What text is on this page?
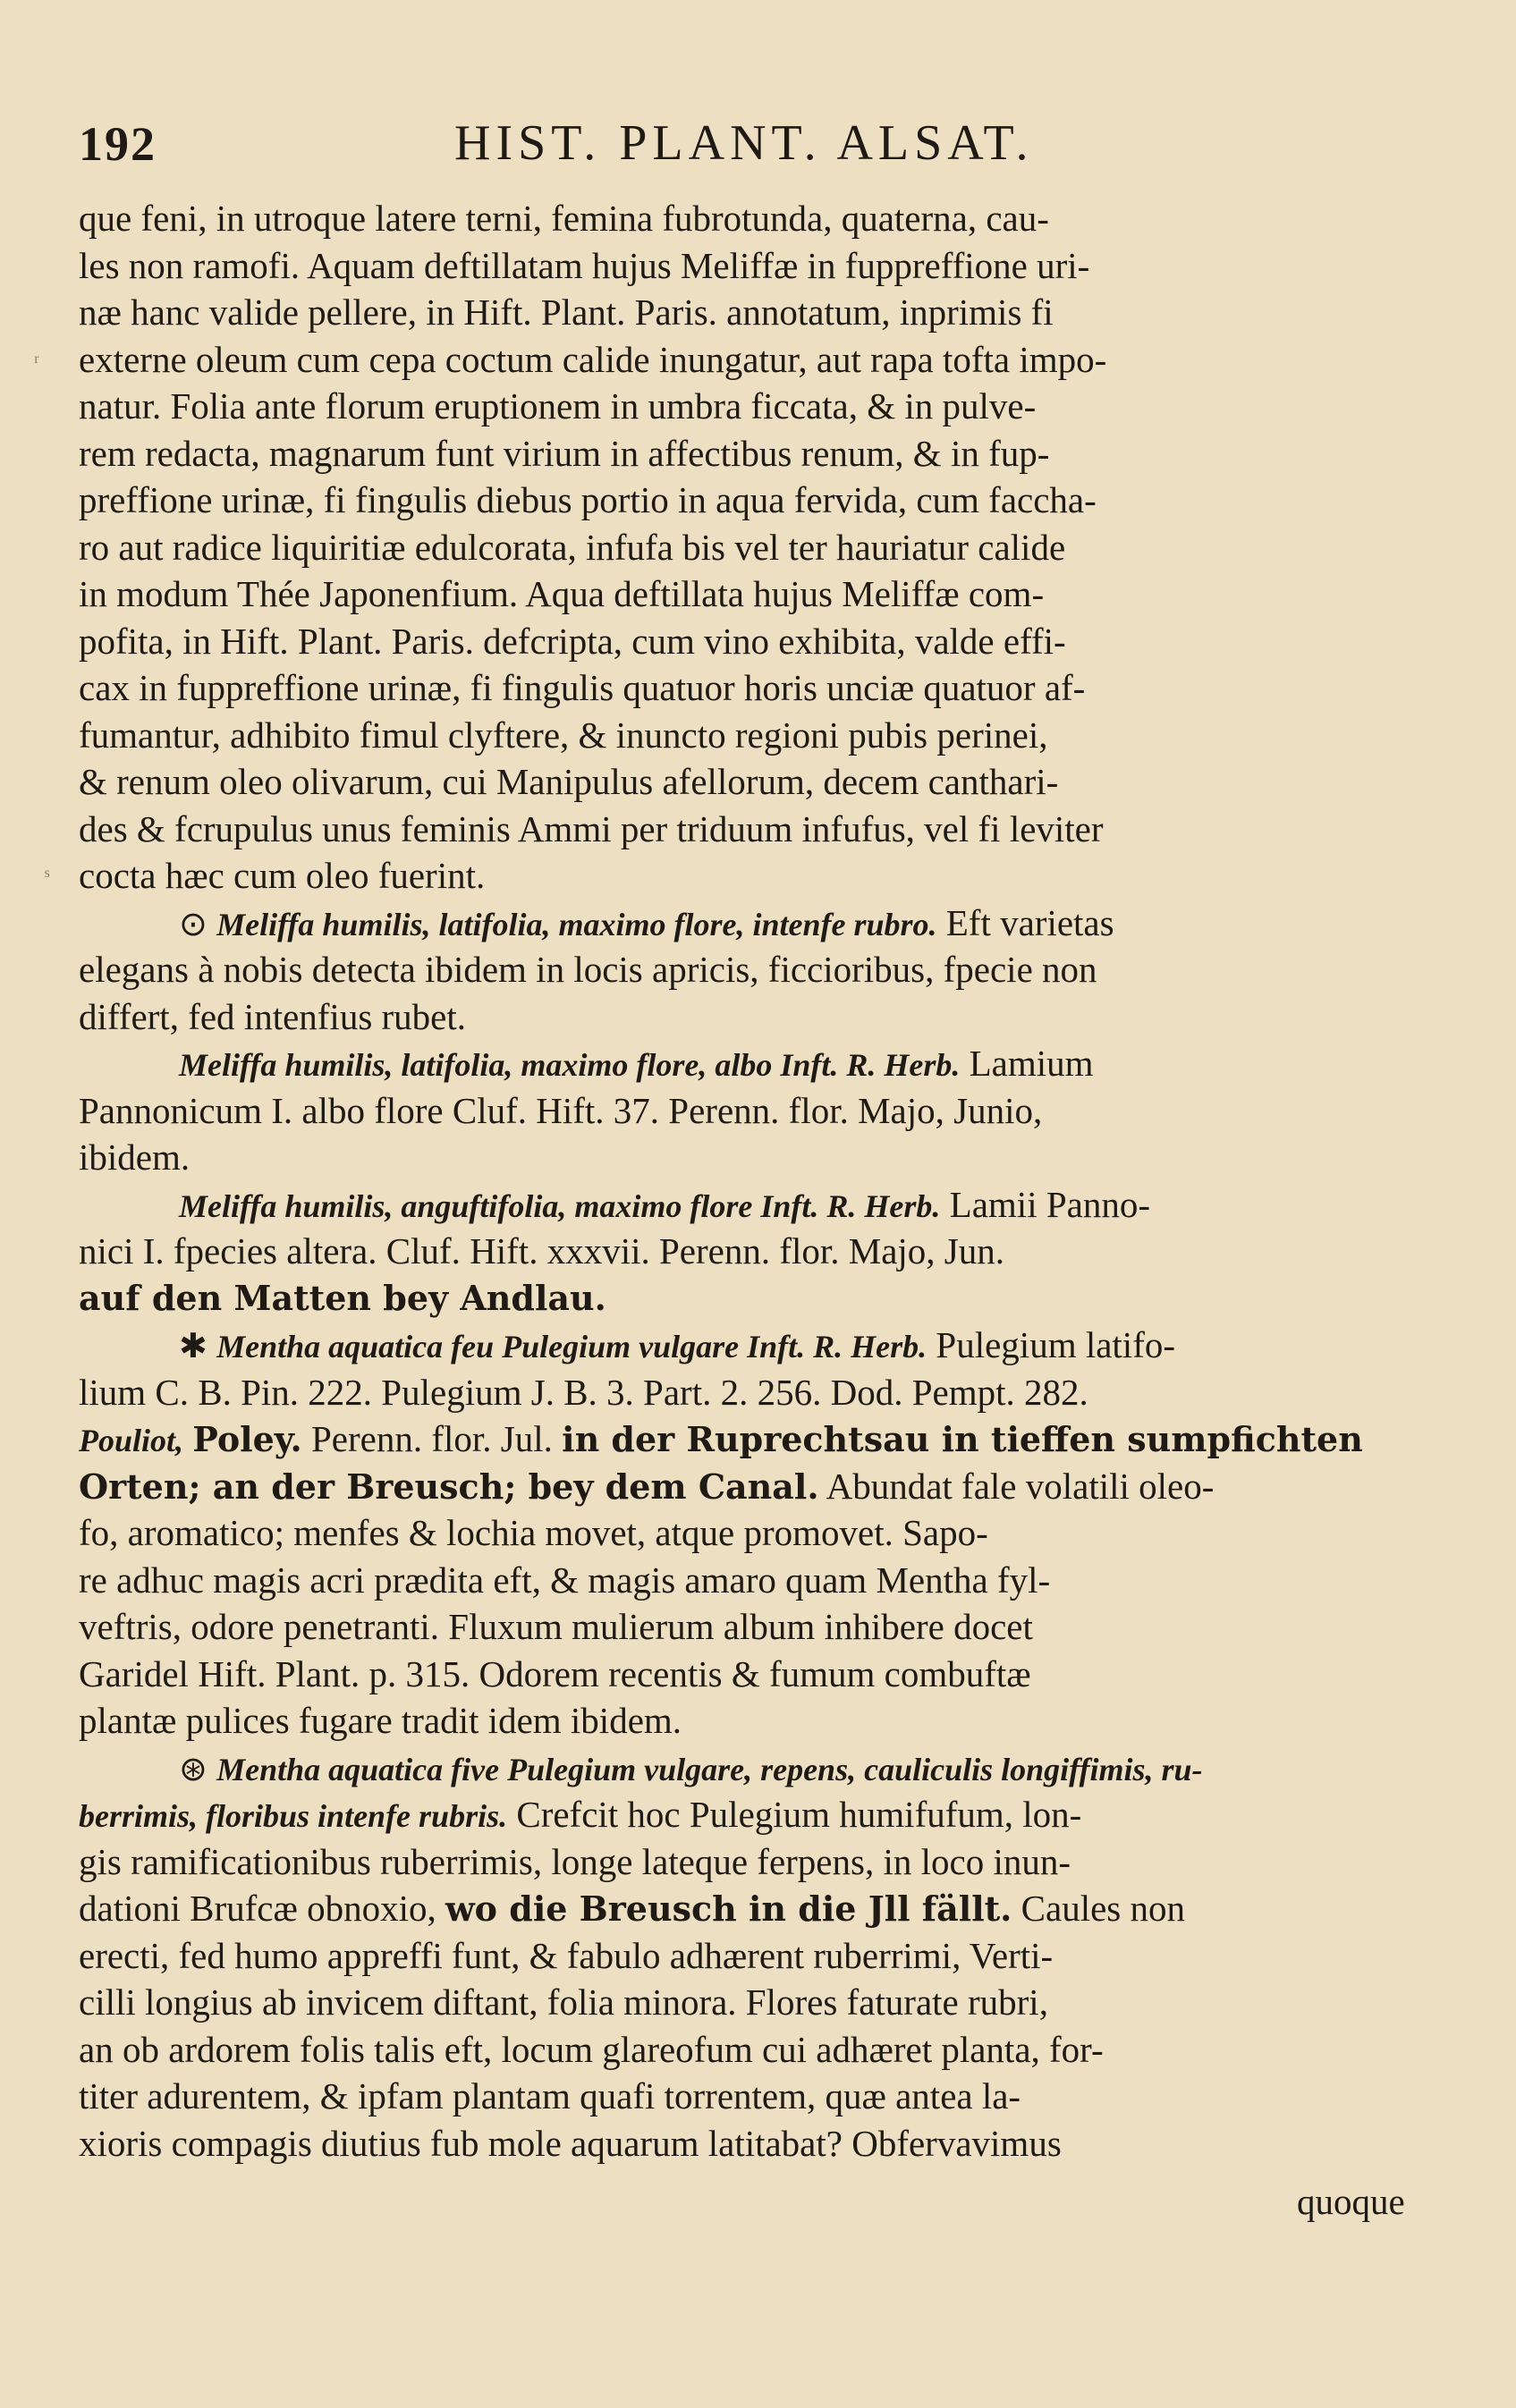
192	HIST. PLANT. ALSAT.
ʳ
ˢ
que feni, in utroque latere terni, femina fubrotunda, quaterna, cau-
les non ramofi. Aquam deftillatam hujus Meliffæ in fuppreffione uri-
næ hanc valide pellere, in Hift. Plant. Paris. annotatum, inprimis fi
externe oleum cum cepa coctum calide inungatur, aut rapa tofta impo-
natur. Folia ante florum eruptionem in umbra ficcata, & in pulve-
rem redacta, magnarum funt virium in affectibus renum, & in fup-
preffione urinæ, fi fingulis diebus portio in aqua fervida, cum faccha-
ro aut radice liquiritiæ edulcorata, infufa bis vel ter hauriatur calide
in modum Thée Japonenfium. Aqua deftillata hujus Meliffæ com-
pofita, in Hift. Plant. Paris. defcripta, cum vino exhibita, valde effi-
cax in fuppreffione urinæ, fi fingulis quatuor horis unciæ quatuor af-
fumantur, adhibito fimul clyftere, & inuncto regioni pubis perinei,
& renum oleo olivarum, cui Manipulus afellorum, decem canthari-
des & fcrupulus unus feminis Ammi per triduum infufus, vel fi leviter
cocta hæc cum oleo fuerint.
⊙ Meliffa humilis, latifolia, maximo flore, intenfe rubro. Eft varietas
elegans à nobis detecta ibidem in locis apricis, ficcioribus, fpecie non
differt, fed intenfius rubet.
Meliffa humilis, latifolia, maximo flore, albo Inft. R. Herb. Lamium
Pannonicum I. albo flore Cluf. Hift. 37. Perenn. flor. Majo, Junio,
ibidem.
Meliffa humilis, anguftifolia, maximo flore Inft. R. Herb. Lamii Panno-
nici I. fpecies altera. Cluf. Hift. xxxvii. Perenn. flor. Majo, Jun.
auf den Matten bey Andlau.
✱ Mentha aquatica feu Pulegium vulgare Inft. R. Herb. Pulegium latifo-
lium C. B. Pin. 222. Pulegium J. B. 3. Part. 2. 256. Dod. Pempt. 282.
Pouliot, Poley. Perenn. flor. Jul. in der Ruprechtsau in tieffen sumpfichten
Orten; an der Breusch; bey dem Canal. Abundat fale volatili oleo-
fo, aromatico; menfes & lochia movet, atque promovet. Sapo-
re adhuc magis acri prædita eft, & magis amaro quam Mentha fyl-
veftris, odore penetranti. Fluxum mulierum album inhibere docet
Garidel Hift. Plant. p. 315. Odorem recentis & fumum combuftæ
plantæ pulices fugare tradit idem ibidem.
⊛ Mentha aquatica five Pulegium vulgare, repens, cauliculis longiffimis, ru-
berrimis, floribus intenfe rubris. Crefcit hoc Pulegium humifufum, lon-
gis ramificationibus ruberrimis, longe lateque ferpens, in loco inun-
dationi Brufcæ obnoxio, wo die Breusch in die Jll fällt. Caules non
erecti, fed humo appreffi funt, & fabulo adhærent ruberrimi, Verti-
cilli longius ab invicem diftant, folia minora. Flores faturate rubri,
an ob ardorem folis talis eft, locum glareofum cui adhæret planta, for-
titer adurentem, & ipfam plantam quafi torrentem, quæ antea la-
xioris compagis diutius fub mole aquarum latitabat? Obfervavimus
quoque
